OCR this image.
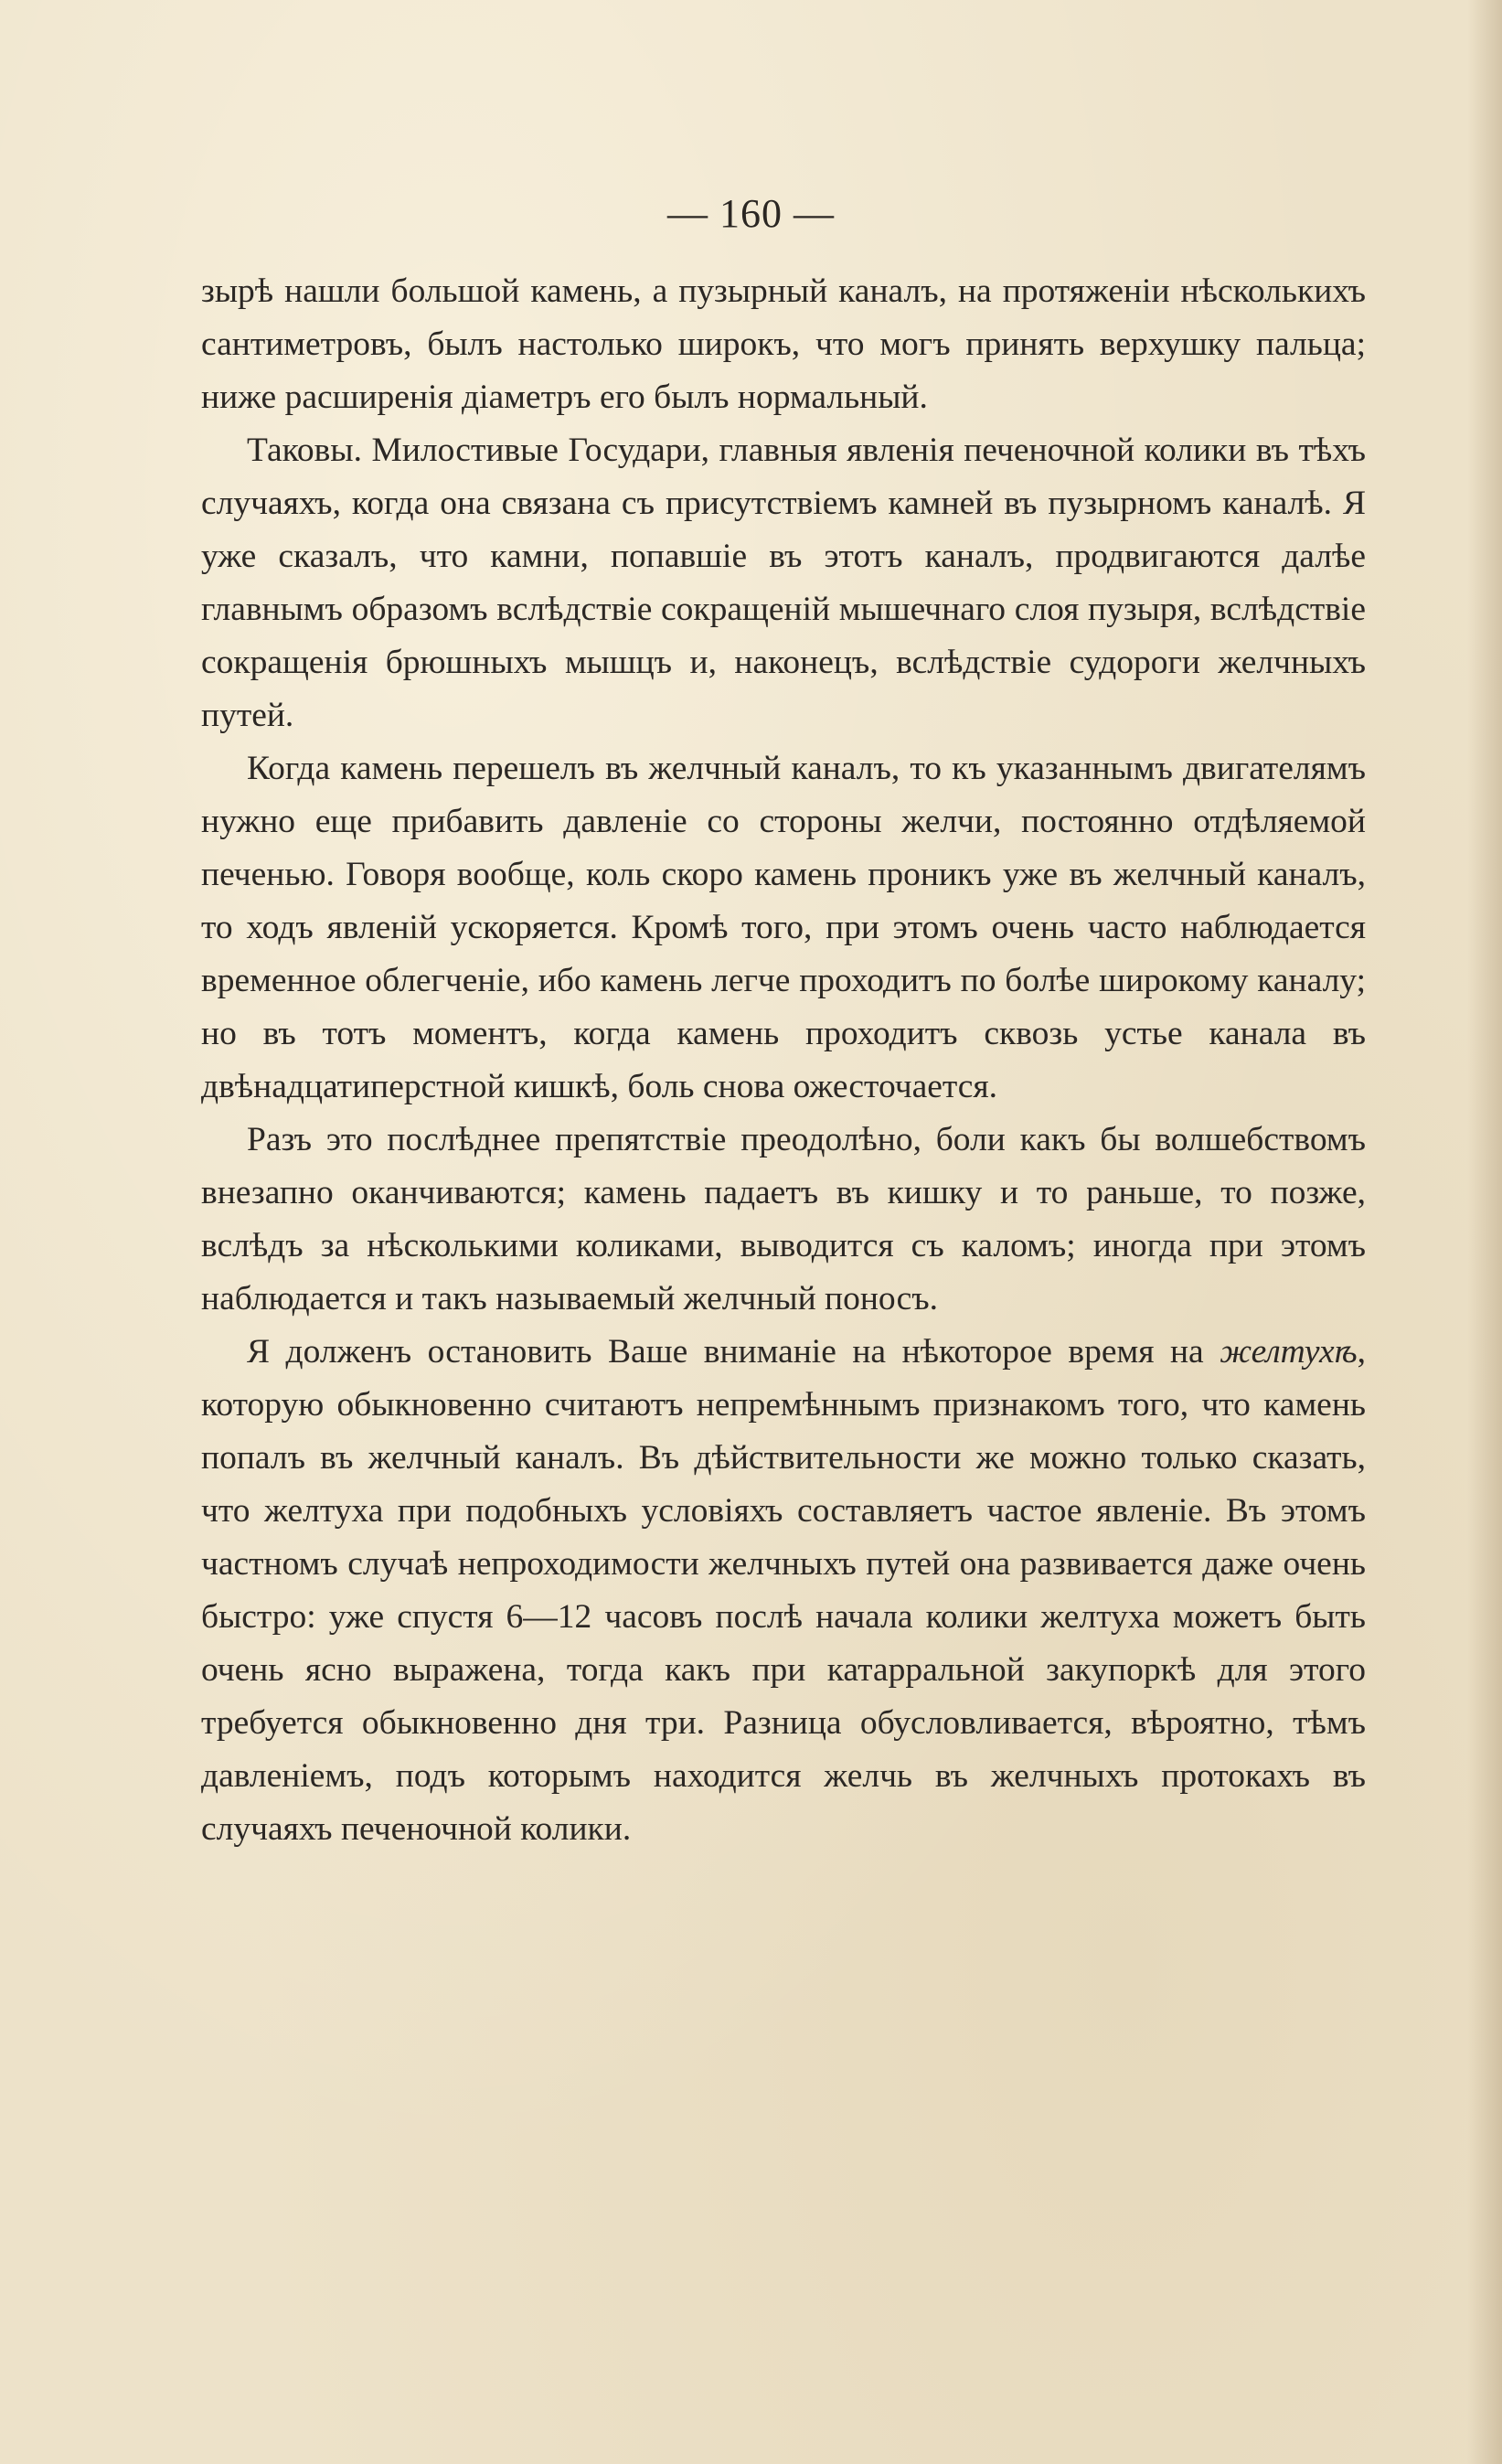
— 160 —

зырѣ нашли большой камень, а пузырный каналъ, на протяженіи нѣсколькихъ сантиметровъ, былъ настолько широкъ, что могъ принять верхушку пальца; ниже расширенія діаметръ его былъ нормальный.

Таковы. Милостивые Государи, главныя явленія печеночной колики въ тѣхъ случаяхъ, когда она связана съ присутствіемъ камней въ пузырномъ каналѣ. Я уже сказалъ, что камни, попавшіе въ этотъ каналъ, продвигаются далѣе главнымъ образомъ вслѣдствіе сокращеній мышечнаго слоя пузыря, вслѣдствіе сокращенія брюшныхъ мышцъ и, наконецъ, вслѣдствіе судороги желчныхъ путей.

Когда камень перешелъ въ желчный каналъ, то къ указаннымъ двигателямъ нужно еще прибавить давленіе со стороны желчи, постоянно отдѣляемой печенью. Говоря вообще, коль скоро камень проникъ уже въ желчный каналъ, то ходъ явленій ускоряется. Кромѣ того, при этомъ очень часто наблюдается временное облегченіе, ибо камень легче проходитъ по болѣе широкому каналу; но въ тотъ моментъ, когда камень проходитъ сквозь устье канала въ двѣнадцатиперстной кишкѣ, боль снова ожесточается.

Разъ это послѣднее препятствіе преодолѣно, боли какъ бы волшебствомъ внезапно оканчиваются; камень падаетъ въ кишку и то раньше, то позже, вслѣдъ за нѣсколькими коликами, выводится съ каломъ; иногда при этомъ наблюдается и такъ называемый желчный поносъ.

Я долженъ остановить Ваше вниманіе на нѣкоторое время на желтухѣ, которую обыкновенно считаютъ непремѣннымъ признакомъ того, что камень попалъ въ желчный каналъ. Въ дѣйствительности же можно только сказать, что желтуха при подобныхъ условіяхъ составляетъ частое явленіе. Въ этомъ частномъ случаѣ непроходимости желчныхъ путей она развивается даже очень быстро: уже спустя 6—12 часовъ послѣ начала колики желтуха можетъ быть очень ясно выражена, тогда какъ при катарральной закупоркѣ для этого требуется обыкновенно дня три. Разница обусловливается, вѣроятно, тѣмъ давленіемъ, подъ которымъ находится желчь въ желчныхъ протокахъ въ случаяхъ печеночной колики.
